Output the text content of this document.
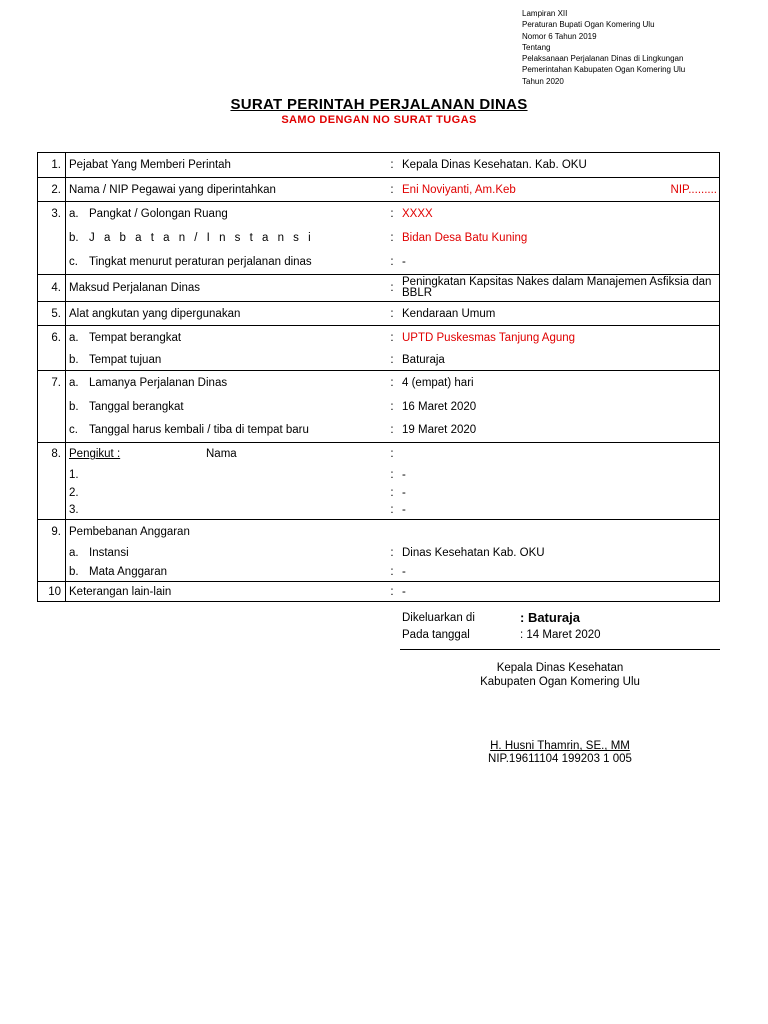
Lampiran XII
Peraturan Bupati Ogan Komering Ulu
Nomor 6 Tahun 2019
Tentang
Pelaksanaan Perjalanan Dinas di Lingkungan
Pemerintahan Kabupaten Ogan Komering Ulu
Tahun 2020
SURAT PERINTAH PERJALANAN DINAS
SAMO DENGAN NO SURAT TUGAS
1.	Pejabat Yang Memberi Perintah	:	Kepala Dinas Kesehatan. Kab. OKU
2.	Nama / NIP Pegawai yang diperintahkan	:	Eni Noviyanti, Am.Keb NIP.........

3.	a. Pangkat / Golongan Ruang	:	XXXX
	b. J a b a t a n / I n s t a n s i	:	Bidan Desa Batu Kuning
	c. Tingkat menurut peraturan perjalanan dinas	:	-
4.	Maksud Perjalanan Dinas	:	Peningkatan Kapsitas Nakes dalam Manajemen Asfiksia dan BBLR
5.	Alat angkutan yang dipergunakan	:	Kendaraan Umum
6.	a. Tempat berangkat	:	UPTD Puskesmas Tanjung Agung
	b. Tempat tujuan	:	Baturaja
7.	a. Lamanya Perjalanan Dinas	:	4 (empat) hari
	b. Tanggal berangkat	:	16 Maret 2020
	c. Tanggal harus kembali / tiba di tempat baru	:	19 Maret 2020
8.	Pengikut : Nama	:	
	1.	:	-
	2.	:	-
	3.	:	-
9.	Pembebanan Anggaran		
	a. Instansi	:	Dinas Kesehatan Kab. OKU
	b. Mata Anggaran	:	-
10	Keterangan lain-lain	:	-
Dikeluarkan di	: Baturaja
Pada tanggal	: 14 Maret 2020
Kepala Dinas Kesehatan
Kabupaten Ogan Komering Ulu
H. Husni Thamrin, SE., MM
NIP.19611104 199203 1 005
